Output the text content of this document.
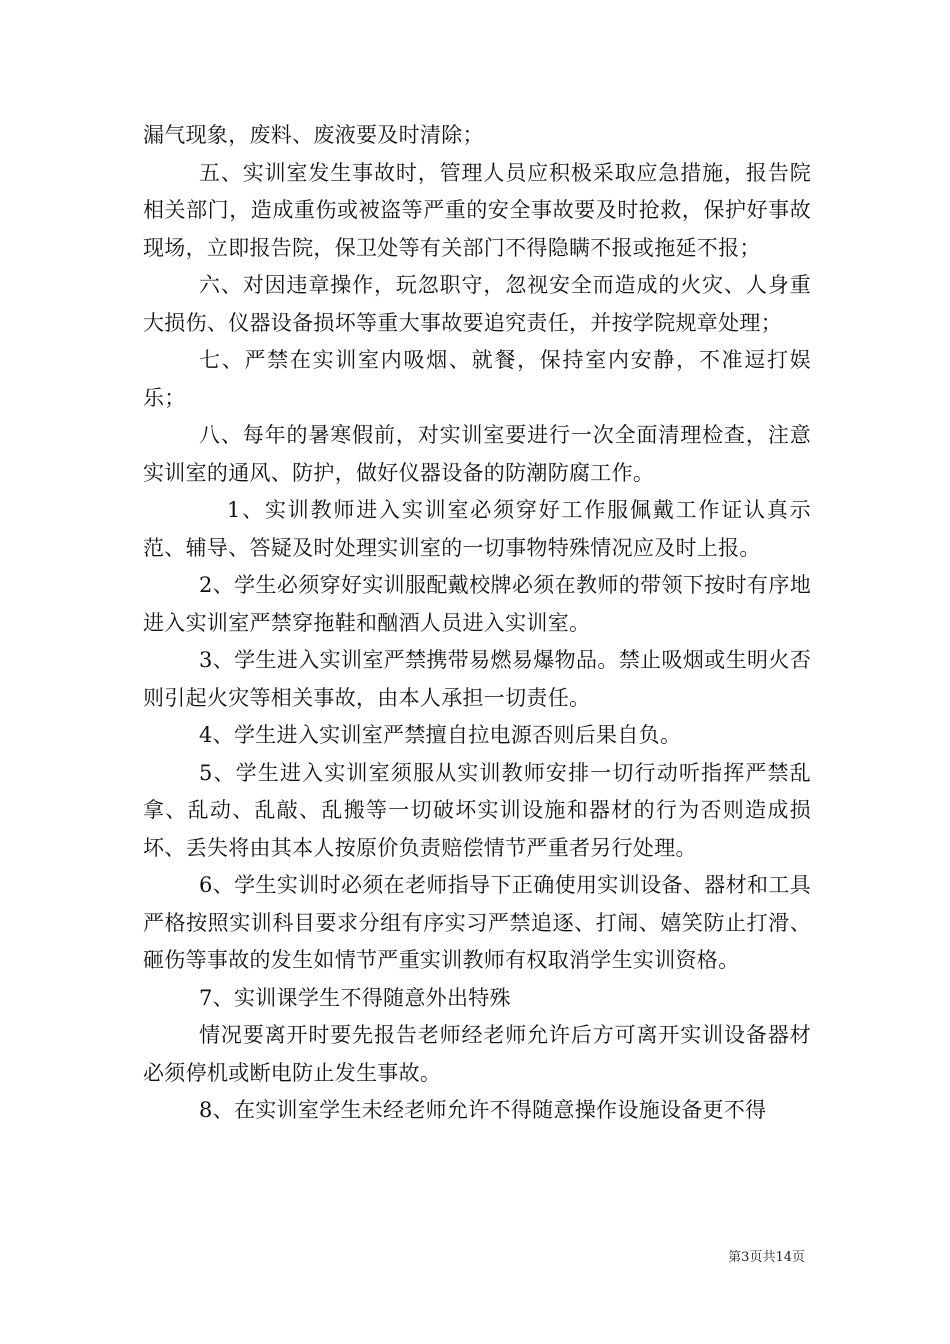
漏气现象，废料、废液要及时清除；

五、实训室发生事故时，管理人员应积极采取应急措施，报告院相关部门，造成重伤或被盗等严重的安全事故要及时抢救，保护好事故现场，立即报告院，保卫处等有关部门不得隐瞒不报或拖延不报；

六、对因违章操作，玩忽职守，忽视安全而造成的火灾、人身重大损伤、仪器设备损坏等重大事故要追究责任，并按学院规章处理；

七、严禁在实训室内吸烟、就餐，保持室内安静，不准逗打娱乐；

八、每年的暑寒假前，对实训室要进行一次全面清理检查，注意实训室的通风、防护，做好仪器设备的防潮防腐工作。

1、实训教师进入实训室必须穿好工作服佩戴工作证认真示范、辅导、答疑及时处理实训室的一切事物特殊情况应及时上报。

2、学生必须穿好实训服配戴校牌必须在教师的带领下按时有序地进入实训室严禁穿拖鞋和酗酒人员进入实训室。

3、学生进入实训室严禁携带易燃易爆物品。禁止吸烟或生明火否则引起火灾等相关事故，由本人承担一切责任。

4、学生进入实训室严禁擅自拉电源否则后果自负。

5、学生进入实训室须服从实训教师安排一切行动听指挥严禁乱拿、乱动、乱敲、乱搬等一切破坏实训设施和器材的行为否则造成损坏、丢失将由其本人按原价负责赔偿情节严重者另行处理。

6、学生实训时必须在老师指导下正确使用实训设备、器材和工具严格按照实训科目要求分组有序实习严禁追逐、打闹、嬉笑防止打滑、砸伤等事故的发生如情节严重实训教师有权取消学生实训资格。

7、实训课学生不得随意外出特殊

情况要离开时要先报告老师经老师允许后方可离开实训设备器材必须停机或断电防止发生事故。

8、在实训室学生未经老师允许不得随意操作设施设备更不得

第3页共14页
